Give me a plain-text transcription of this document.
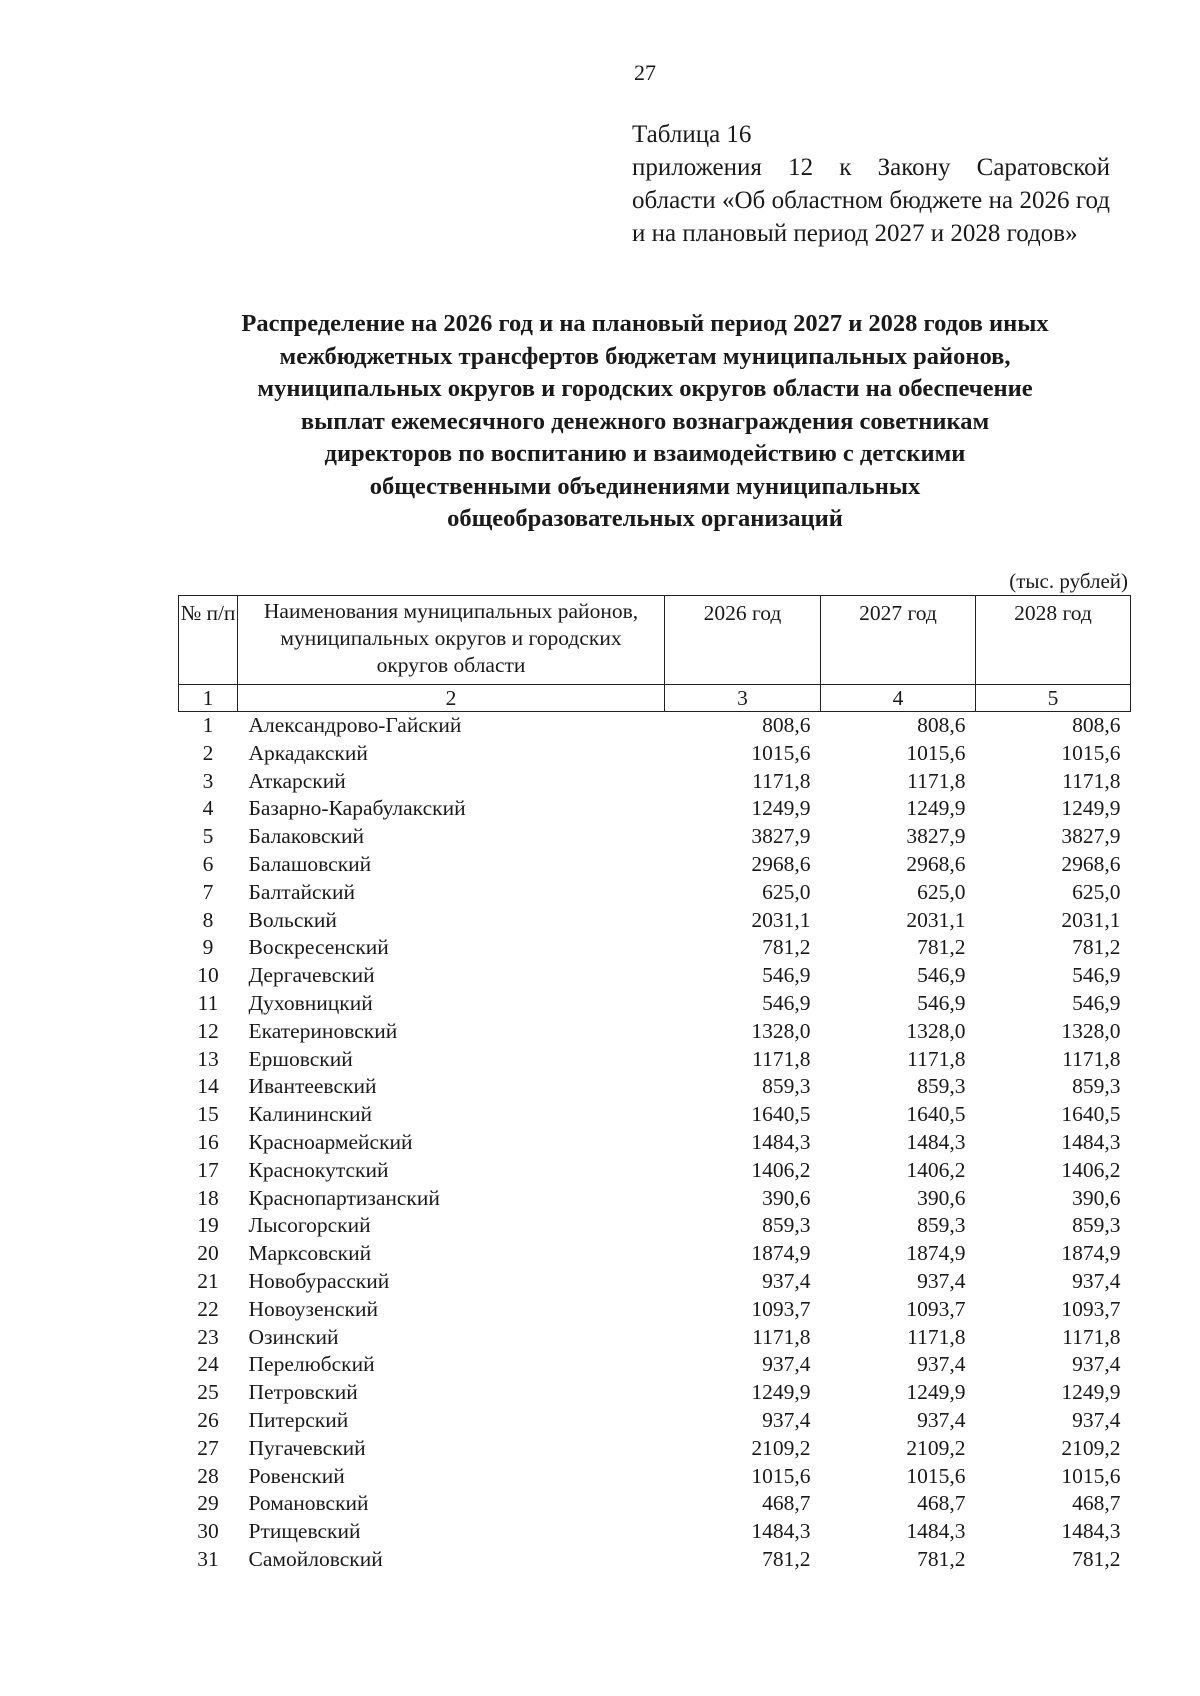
27
Таблица 16
приложения 12 к Закону Саратовской области «Об областном бюджете на 2026 год и на плановый период 2027 и 2028 годов»
Распределение на 2026 год и на плановый период 2027 и 2028 годов иных
межбюджетных трансфертов бюджетам муниципальных районов,
муниципальных округов и городских округов области на обеспечение
выплат ежемесячного денежного вознаграждения советникам
директоров по воспитанию и взаимодействию с детскими
общественными объединениями муниципальных
общеобразовательных организаций
(тыс. рублей)
№ п/п	Наименования муниципальных районов, муниципальных округов и городских округов области	2026 год	2027 год	2028 год
1	2	3	4	5
1	Александрово-Гайский	808,6	808,6	808,6
2	Аркадакский	1015,6	1015,6	1015,6
3	Аткарский	1171,8	1171,8	1171,8
4	Базарно-Карабулакский	1249,9	1249,9	1249,9
5	Балаковский	3827,9	3827,9	3827,9
6	Балашовский	2968,6	2968,6	2968,6
7	Балтайский	625,0	625,0	625,0
8	Вольский	2031,1	2031,1	2031,1
9	Воскресенский	781,2	781,2	781,2
10	Дергачевский	546,9	546,9	546,9
11	Духовницкий	546,9	546,9	546,9
12	Екатериновский	1328,0	1328,0	1328,0
13	Ершовский	1171,8	1171,8	1171,8
14	Ивантеевский	859,3	859,3	859,3
15	Калининский	1640,5	1640,5	1640,5
16	Красноармейский	1484,3	1484,3	1484,3
17	Краснокутский	1406,2	1406,2	1406,2
18	Краснопартизанский	390,6	390,6	390,6
19	Лысогорский	859,3	859,3	859,3
20	Марксовский	1874,9	1874,9	1874,9
21	Новобурасский	937,4	937,4	937,4
22	Новоузенский	1093,7	1093,7	1093,7
23	Озинский	1171,8	1171,8	1171,8
24	Перелюбский	937,4	937,4	937,4
25	Петровский	1249,9	1249,9	1249,9
26	Питерский	937,4	937,4	937,4
27	Пугачевский	2109,2	2109,2	2109,2
28	Ровенский	1015,6	1015,6	1015,6
29	Романовский	468,7	468,7	468,7
30	Ртищевский	1484,3	1484,3	1484,3
31	Самойловский	781,2	781,2	781,2
